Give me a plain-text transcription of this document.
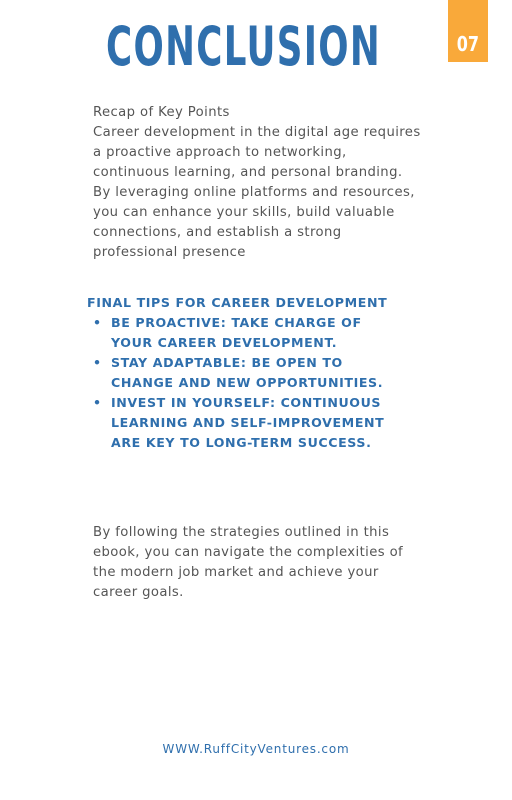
CONCLUSION	07

Recap of Key Points

Career development in the digital age requires a proactive approach to networking, continuous learning, and personal branding. By leveraging online platforms and resources, you can enhance your skills, build valuable connections, and establish a strong professional presence

FINAL TIPS FOR CAREER DEVELOPMENT

• BE PROACTIVE: TAKE CHARGE OF YOUR CAREER DEVELOPMENT.
• STAY ADAPTABLE: BE OPEN TO CHANGE AND NEW OPPORTUNITIES.
• INVEST IN YOURSELF: CONTINUOUS LEARNING AND SELF-IMPROVEMENT ARE KEY TO LONG-TERM SUCCESS.

By following the strategies outlined in this ebook, you can navigate the complexities of the modern job market and achieve your career goals.

WWW.RuffCityVentures.com
